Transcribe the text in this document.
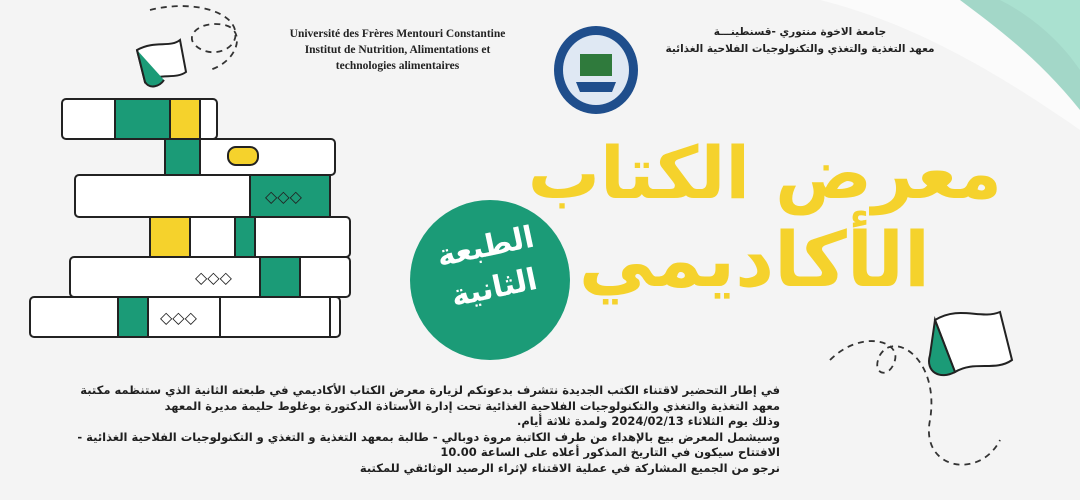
◇◇◇
◇◇◇
◇◇◇
Université des Frères Mentouri Constantine
Institut de Nutrition, Alimentations et
technologies alimentaires
جامعة الاخوة منتوري -قسنطينـــة
معهد التغذية والتغذي والتكنولوجيات الفلاحية الغذائية
معرض الكتاب
الأكاديمي
الطبعة
الثانية
في إطار التحضير لاقتناء الكتب الجديدة نتشرف بدعوتكم لزيارة معرض الكتاب الأكاديمي في طبعته الثانية الذي ستنظمه مكتبة
معهد التغذية والتغذي والتكنولوجيات الفلاحية الغذائية تحت إدارة الأستاذة الدكتورة بوغلوط حليمة مديرة المعهد
وذلك يوم الثلاثاء 2024/02/13 ولمدة ثلاثة أيام.
وسيشمل المعرض بيع بالإهداء من طرف الكاتبة مروة دوبالي - طالبة بمعهد التغذية و التغذي و التكنولوجيات الفلاحية الغذائية -
الافتتاح سيكون في التاريخ المذكور أعلاه على الساعة 10.00
نرجو من الجميع المشاركة في عملية الاقتناء لإثراء الرصيد الوثائقي للمكتبة
